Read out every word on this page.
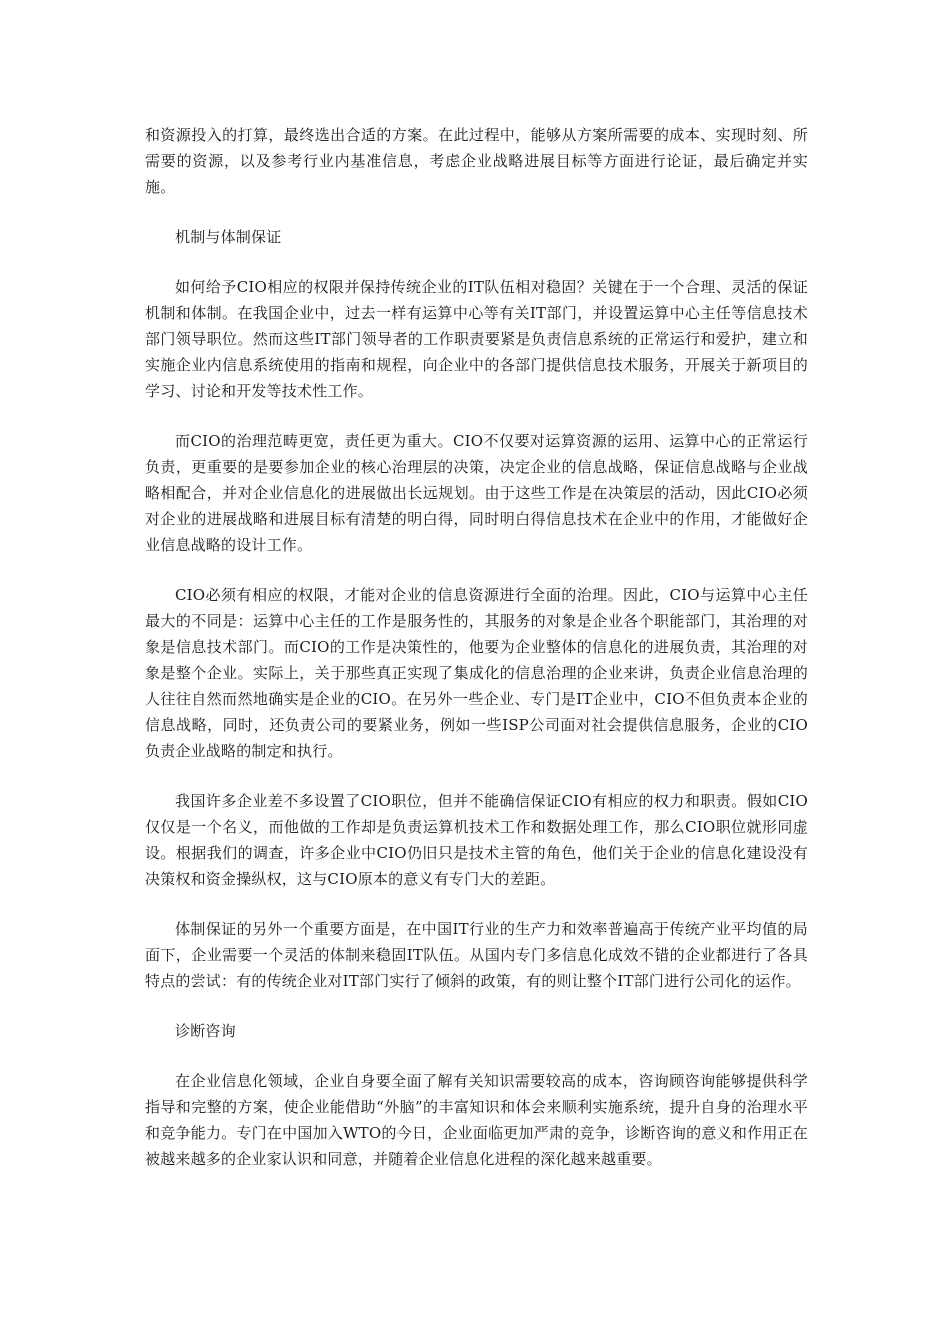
和资源投入的打算，最终选出合适的方案。在此过程中，能够从方案所需要的成本、实现时刻、所需要的资源，以及参考行业内基准信息，考虑企业战略进展目标等方面进行论证，最后确定并实施。

机制与体制保证

如何给予CIO相应的权限并保持传统企业的IT队伍相对稳固？关键在于一个合理、灵活的保证机制和体制。在我国企业中，过去一样有运算中心等有关IT部门，并设置运算中心主任等信息技术部门领导职位。然而这些IT部门领导者的工作职责要紧是负责信息系统的正常运行和爱护，建立和实施企业内信息系统使用的指南和规程，向企业中的各部门提供信息技术服务，开展关于新项目的学习、讨论和开发等技术性工作。

而CIO的治理范畴更宽，责任更为重大。CIO不仅要对运算资源的运用、运算中心的正常运行负责，更重要的是要参加企业的核心治理层的决策，决定企业的信息战略，保证信息战略与企业战略相配合，并对企业信息化的进展做出长远规划。由于这些工作是在决策层的活动，因此CIO必须对企业的进展战略和进展目标有清楚的明白得，同时明白得信息技术在企业中的作用，才能做好企业信息战略的设计工作。

CIO必须有相应的权限，才能对企业的信息资源进行全面的治理。因此，CIO与运算中心主任最大的不同是：运算中心主任的工作是服务性的，其服务的对象是企业各个职能部门，其治理的对象是信息技术部门。而CIO的工作是决策性的，他要为企业整体的信息化的进展负责，其治理的对象是整个企业。实际上，关于那些真正实现了集成化的信息治理的企业来讲，负责企业信息治理的人往往自然而然地确实是企业的CIO。在另外一些企业、专门是IT企业中，CIO不但负责本企业的信息战略，同时，还负责公司的要紧业务，例如一些ISP公司面对社会提供信息服务，企业的CIO负责企业战略的制定和执行。

我国许多企业差不多设置了CIO职位，但并不能确信保证CIO有相应的权力和职责。假如CIO仅仅是一个名义，而他做的工作却是负责运算机技术工作和数据处理工作，那么CIO职位就形同虚设。根据我们的调查，许多企业中CIO仍旧只是技术主管的角色，他们关于企业的信息化建设没有决策权和资金操纵权，这与CIO原本的意义有专门大的差距。

体制保证的另外一个重要方面是，在中国IT行业的生产力和效率普遍高于传统产业平均值的局面下，企业需要一个灵活的体制来稳固IT队伍。从国内专门多信息化成效不错的企业都进行了各具特点的尝试：有的传统企业对IT部门实行了倾斜的政策，有的则让整个IT部门进行公司化的运作。

诊断咨询

在企业信息化领域，企业自身要全面了解有关知识需要较高的成本，咨询顾咨询能够提供科学指导和完整的方案，使企业能借助“外脑”的丰富知识和体会来顺利实施系统，提升自身的治理水平和竞争能力。专门在中国加入WTO的今日，企业面临更加严肃的竞争，诊断咨询的意义和作用正在被越来越多的企业家认识和同意，并随着企业信息化进程的深化越来越重要。
